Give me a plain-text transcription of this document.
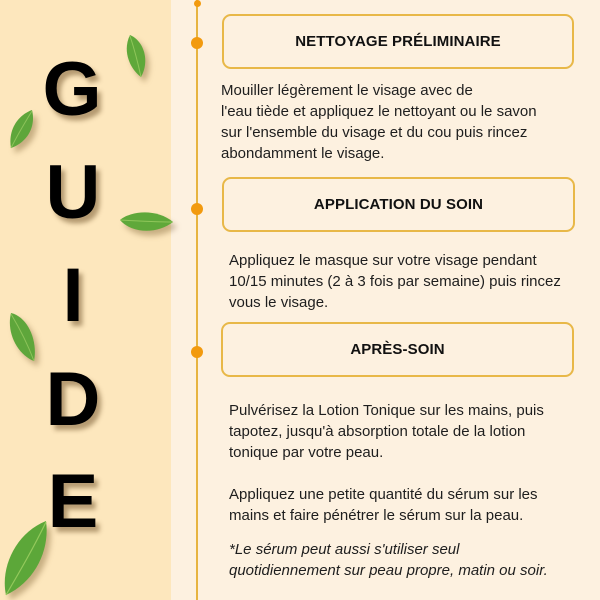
G
U
I
D
E
NETTOYAGE PRÉLIMINAIRE
Mouiller légèrement le visage avec de
l'eau tiède et appliquez le nettoyant ou le savon
sur l'ensemble du visage et du cou puis rincez
abondamment le visage.
APPLICATION DU SOIN
Appliquez le masque sur votre visage pendant
10/15 minutes (2 à 3 fois par semaine) puis rincez
vous le visage.
APRÈS-SOIN
Pulvérisez la Lotion Tonique sur les mains, puis
tapotez, jusqu'à absorption totale de la lotion
tonique par votre peau.
Appliquez une petite quantité du sérum sur les
mains et faire pénétrer le sérum sur la peau.
*Le sérum peut aussi s'utiliser seul
quotidiennement sur peau propre, matin ou soir.
